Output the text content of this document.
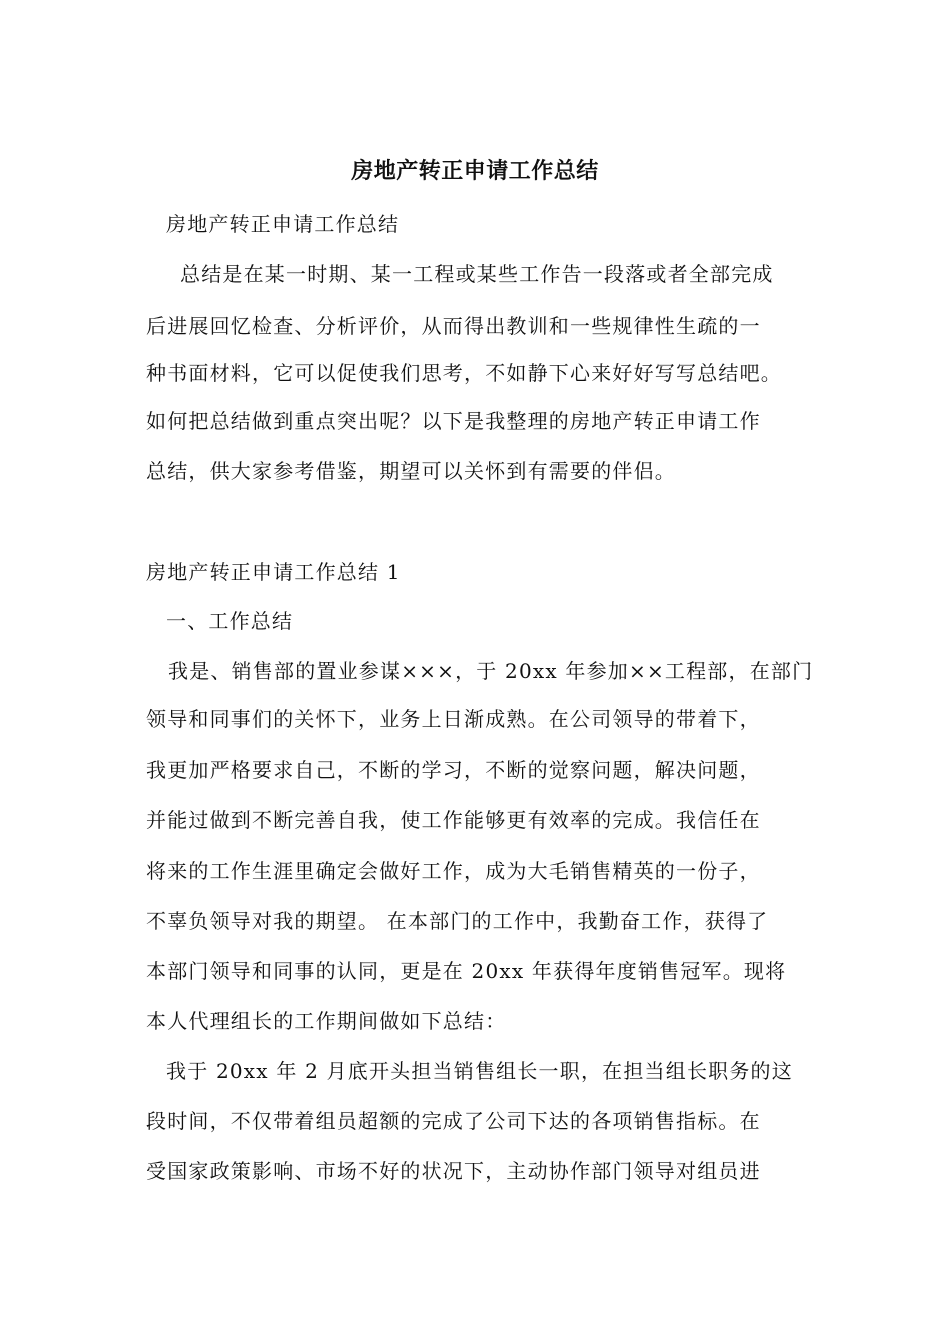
房地产转正申请工作总结
房地产转正申请工作总结
总结是在某一时期、某一工程或某些工作告一段落或者全部完成
后进展回忆检查、分析评价，从而得出教训和一些规律性生疏的一
种书面材料，它可以促使我们思考，不如静下心来好好写写总结吧。
如何把总结做到重点突出呢？以下是我整理的房地产转正申请工作
总结，供大家参考借鉴，期望可以关怀到有需要的伴侣。
房地产转正申请工作总结 1
一、工作总结
我是、销售部的置业参谋×××，于 20xx 年参加××工程部，在部门
领导和同事们的关怀下，业务上日渐成熟。在公司领导的带着下，
我更加严格要求自己，不断的学习，不断的觉察问题，解决问题，
并能过做到不断完善自我，使工作能够更有效率的完成。我信任在
将来的工作生涯里确定会做好工作，成为大毛销售精英的一份子，
不辜负领导对我的期望。 在本部门的工作中，我勤奋工作，获得了
本部门领导和同事的认同，更是在 20xx 年获得年度销售冠军。现将
本人代理组长的工作期间做如下总结：
我于 20xx 年 2 月底开头担当销售组长一职，在担当组长职务的这
段时间，不仅带着组员超额的完成了公司下达的各项销售指标。在
受国家政策影响、市场不好的状况下，主动协作部门领导对组员进
